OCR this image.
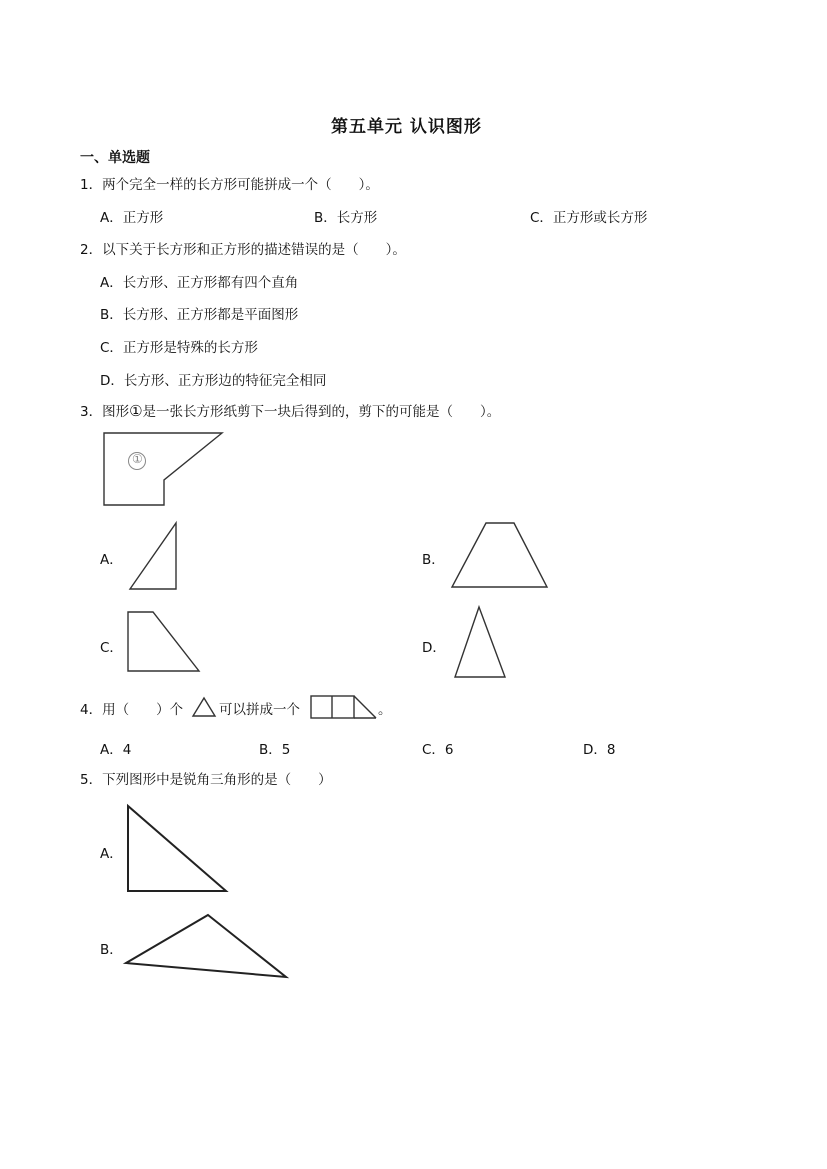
第五单元 认识图形
一、单选题
1．两个完全一样的长方形可能拼成一个（　　）。
A．正方形	B．长方形	C．正方形或长方形
2．以下关于长方形和正方形的描述错误的是（　　）。
A．长方形、正方形都有四个直角
B．长方形、正方形都是平面图形
C．正方形是特殊的长方形
D．长方形、正方形边的特征完全相同
3．图形①是一张长方形纸剪下一块后得到的，剪下的可能是（　　）。
①
A．	B．
C．	D．
4．用（　　）个	可以拼成一个	。
A．4	B．5	C．6	D．8
5．下列图形中是锐角三角形的是（　　）
A．
B．
